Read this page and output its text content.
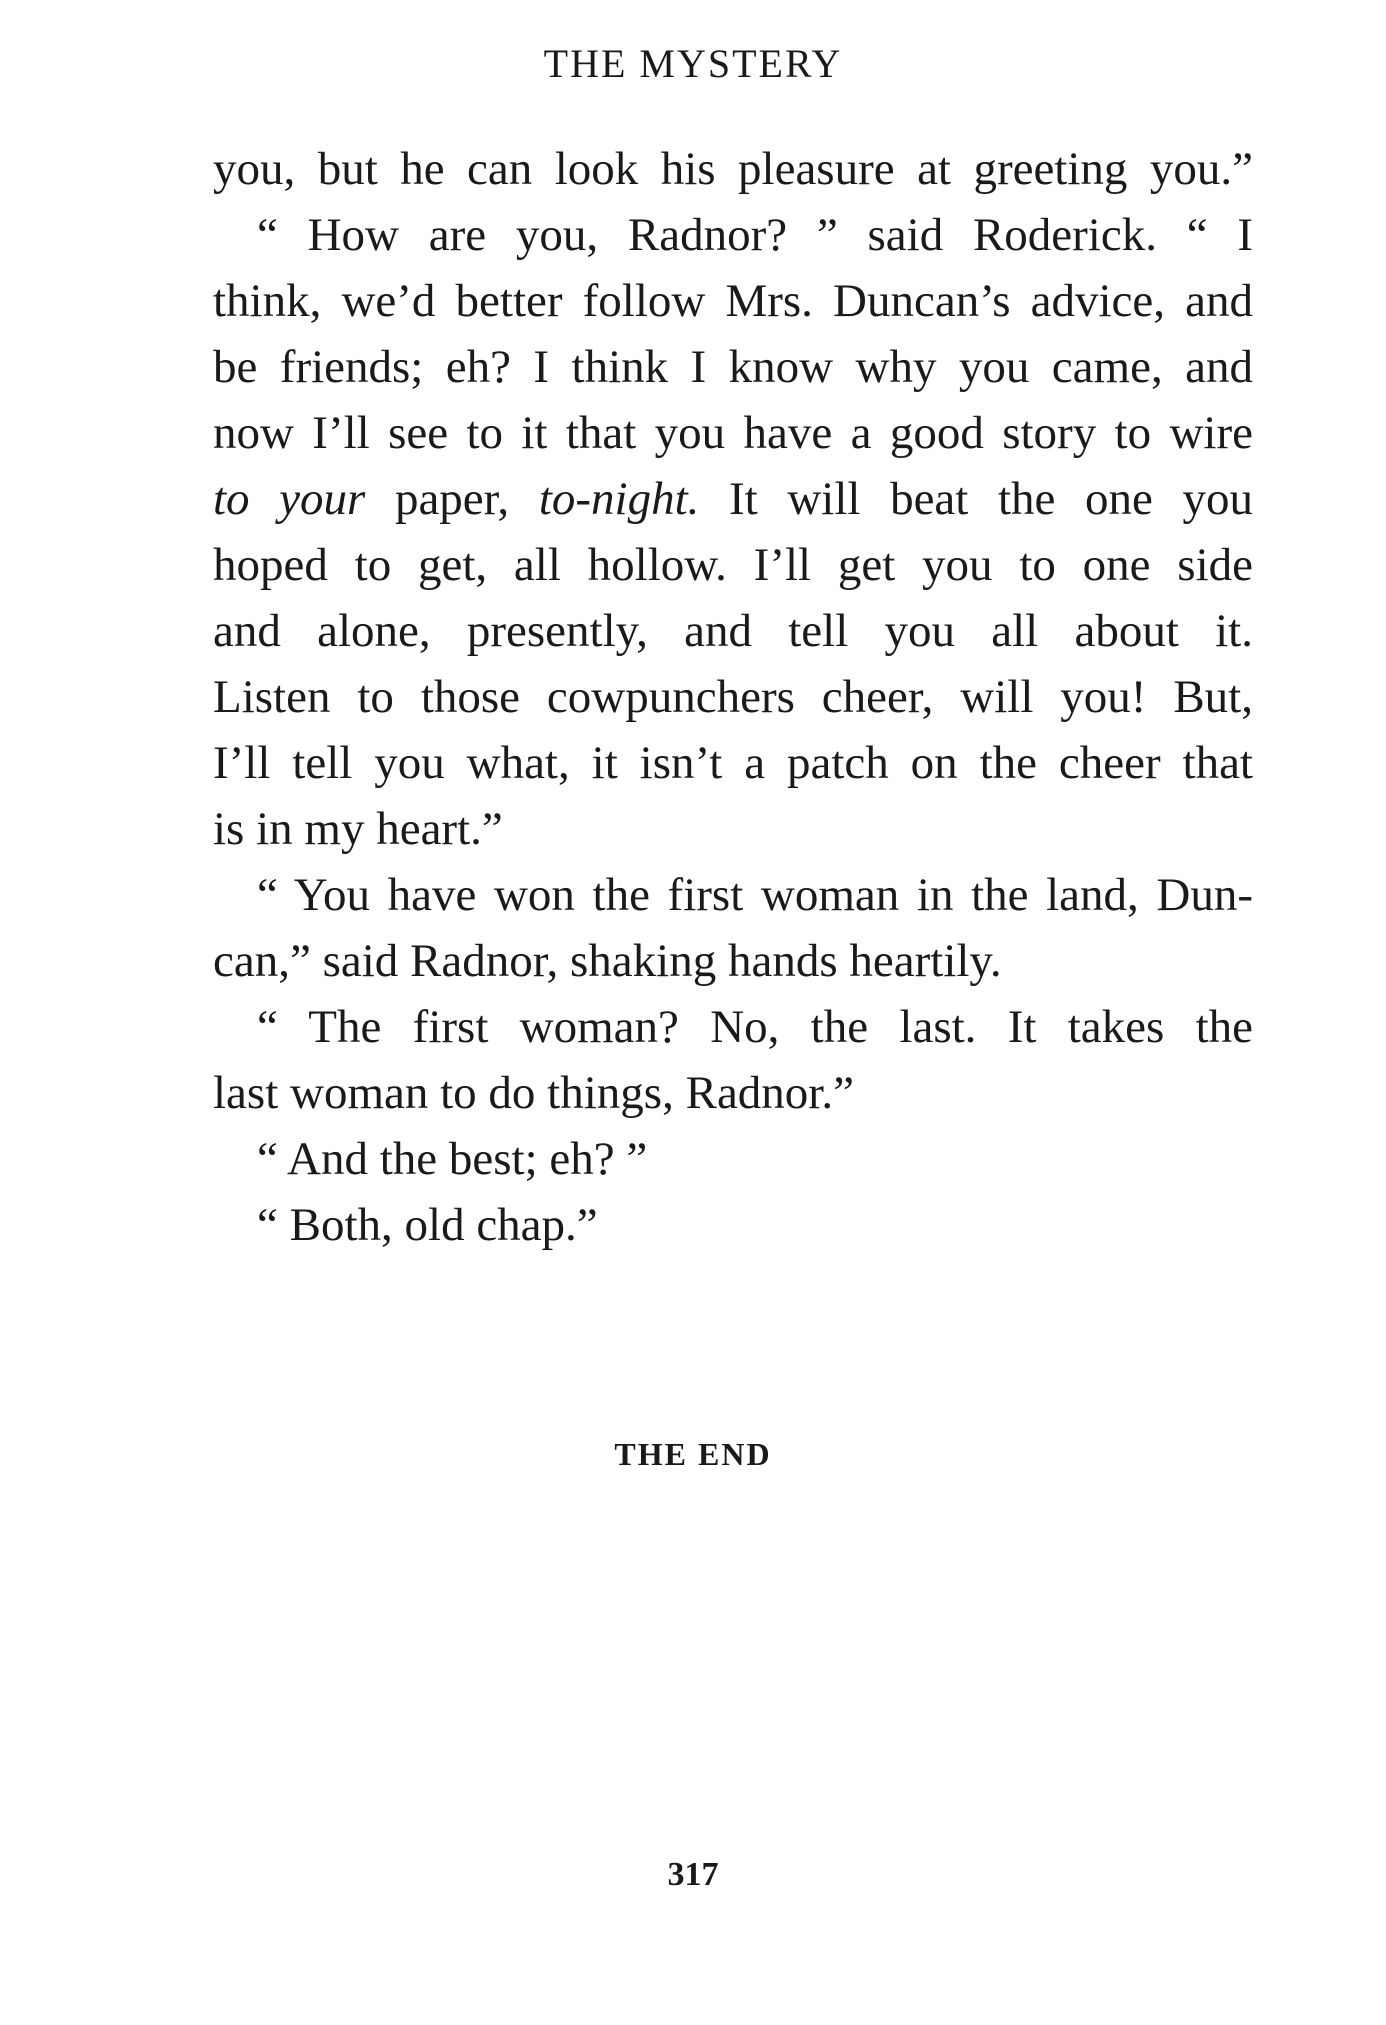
THE MYSTERY
you, but he can look his pleasure at greeting you.”
“ How are you, Radnor? ” said Roderick. “ I
think, we’d better follow Mrs. Duncan’s advice, and
be friends; eh? I think I know why you came, and
now I’ll see to it that you have a good story to wire
to your paper, to-night. It will beat the one you
hoped to get, all hollow. I’ll get you to one side
and alone, presently, and tell you all about it.
Listen to those cowpunchers cheer, will you! But,
I’ll tell you what, it isn’t a patch on the cheer that
is in my heart.”
“ You have won the first woman in the land, Dun-
can,” said Radnor, shaking hands heartily.
“ The first woman? No, the last. It takes the
last woman to do things, Radnor.”
“ And the best; eh? ”
“ Both, old chap.”
THE END
317
